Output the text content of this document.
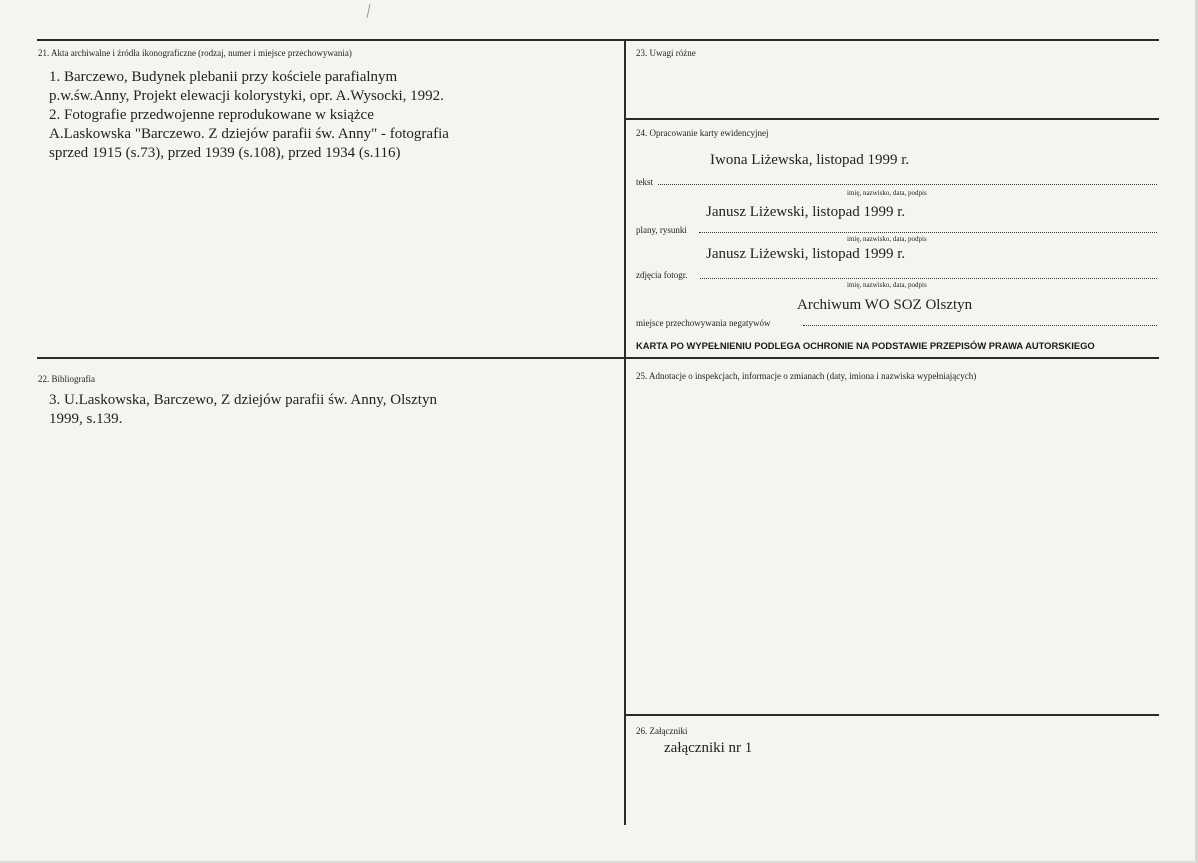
21. Akta archiwalne i źródła ikonograficzne (rodzaj, numer i miejsce przechowywania)
1. Barczewo, Budynek plebanii przy kościele parafialnym
p.w.św.Anny, Projekt elewacji kolorystyki, opr. A.Wysocki, 1992.
2. Fotografie przedwojenne reprodukowane w książce
A.Laskowska "Barczewo. Z dziejów parafii św. Anny" - fotografia
sprzed 1915 (s.73), przed 1939 (s.108), przed 1934 (s.116)
22. Bibliografia
3. U.Laskowska, Barczewo, Z dziejów parafii św. Anny, Olsztyn
1999, s.139.
23. Uwagi różne
24. Opracowanie karty ewidencyjnej
Iwona Liżewska, listopad 1999 r.
tekst
imię, nazwisko, data, podpis
Janusz Liżewski, listopad 1999 r.
plany, rysunki
imię, nazwisko, data, podpis
Janusz Liżewski, listopad 1999 r.
zdjęcia fotogr.
imię, nazwisko, data, podpis
Archiwum WO SOZ Olsztyn
miejsce przechowywania negatywów
KARTA PO WYPEŁNIENIU PODLEGA OCHRONIE NA PODSTAWIE PRZEPISÓW PRAWA AUTORSKIEGO
25. Adnotacje o inspekcjach, informacje o zmianach (daty, imiona i nazwiska wypełniających)
26. Załączniki
załączniki nr 1
